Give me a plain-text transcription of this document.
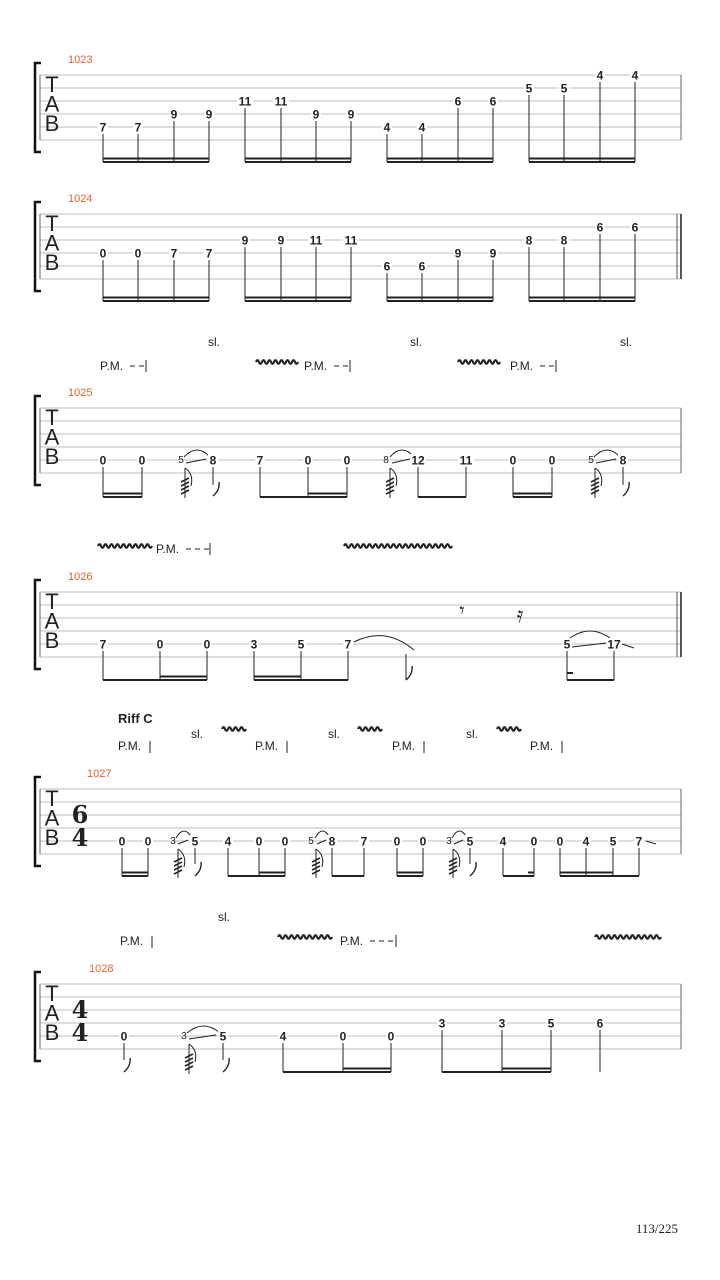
T
A
B
1023
7 7
9 9
11 11
9 9
4 4
6 6
5 5
4 4
T
A
B
1024
0 0 7 7
9 9 11 11
6 6
9 9
8 8
6 6
sl.	sl.	sl.
P.M.	P.M.	P.M.
T
A
B
1025
0	0	5 8	7	0	0	8 12	11	0	0	5 8
P.M.
T
A
B
1026
7	0	0	3	5	7
𝄾 𝄿
5	17
Riff C
sl.	sl.	sl.
P.M.	P.M.	P.M.	P.M.
T
A
B
1027
6
4	0 0 3 5 4 0 0 5 8 7 0 0 3 5 4 0 0 4 5 7
sl.
P.M.	P.M.
T
A
B
1028
4
4	0	3	5	4	0	0
3	3	5	6
113/225
